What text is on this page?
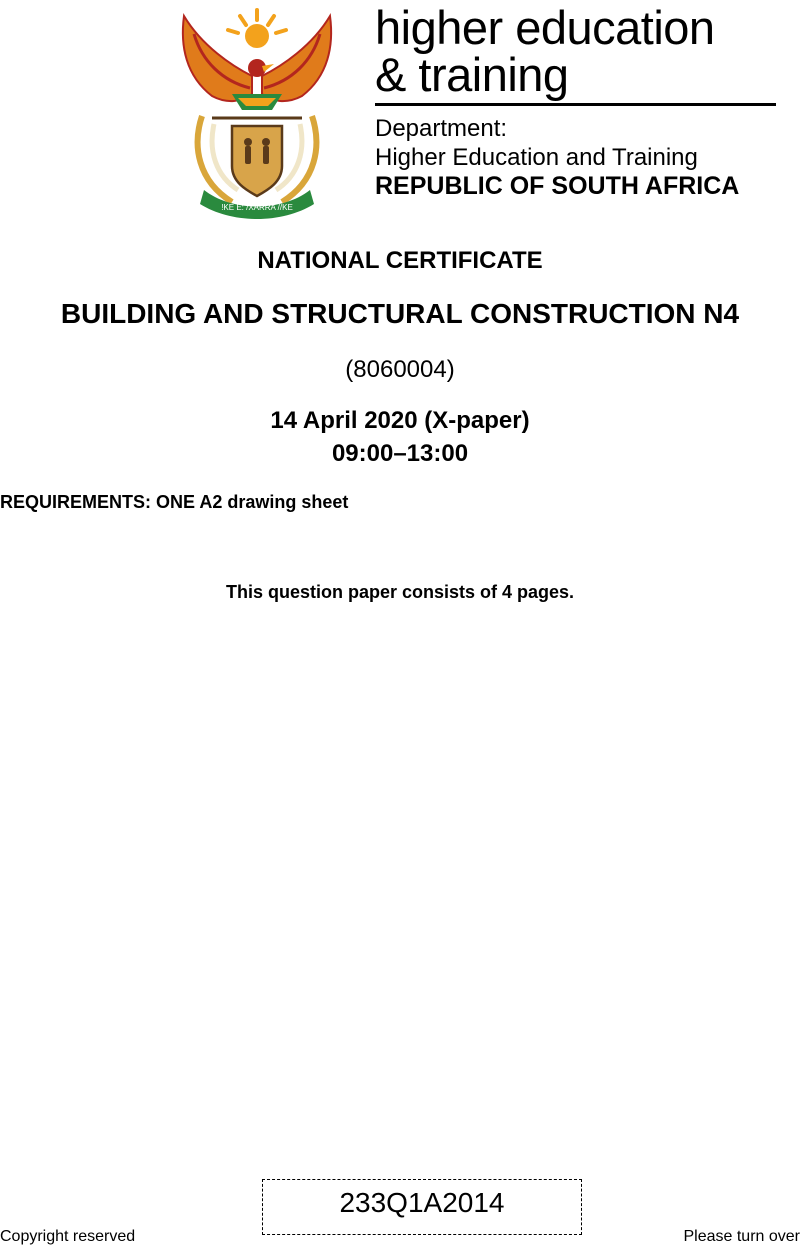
!KE E: /XARRA //KE
higher education
& training
Department:
Higher Education and Training
REPUBLIC OF SOUTH AFRICA
NATIONAL CERTIFICATE
BUILDING AND STRUCTURAL CONSTRUCTION N4
(8060004)
14 April 2020 (X-paper)
09:00–13:00
REQUIREMENTS: ONE A2 drawing sheet
This question paper consists of 4 pages.
233Q1A2014
Copyright reserved	Please turn over
